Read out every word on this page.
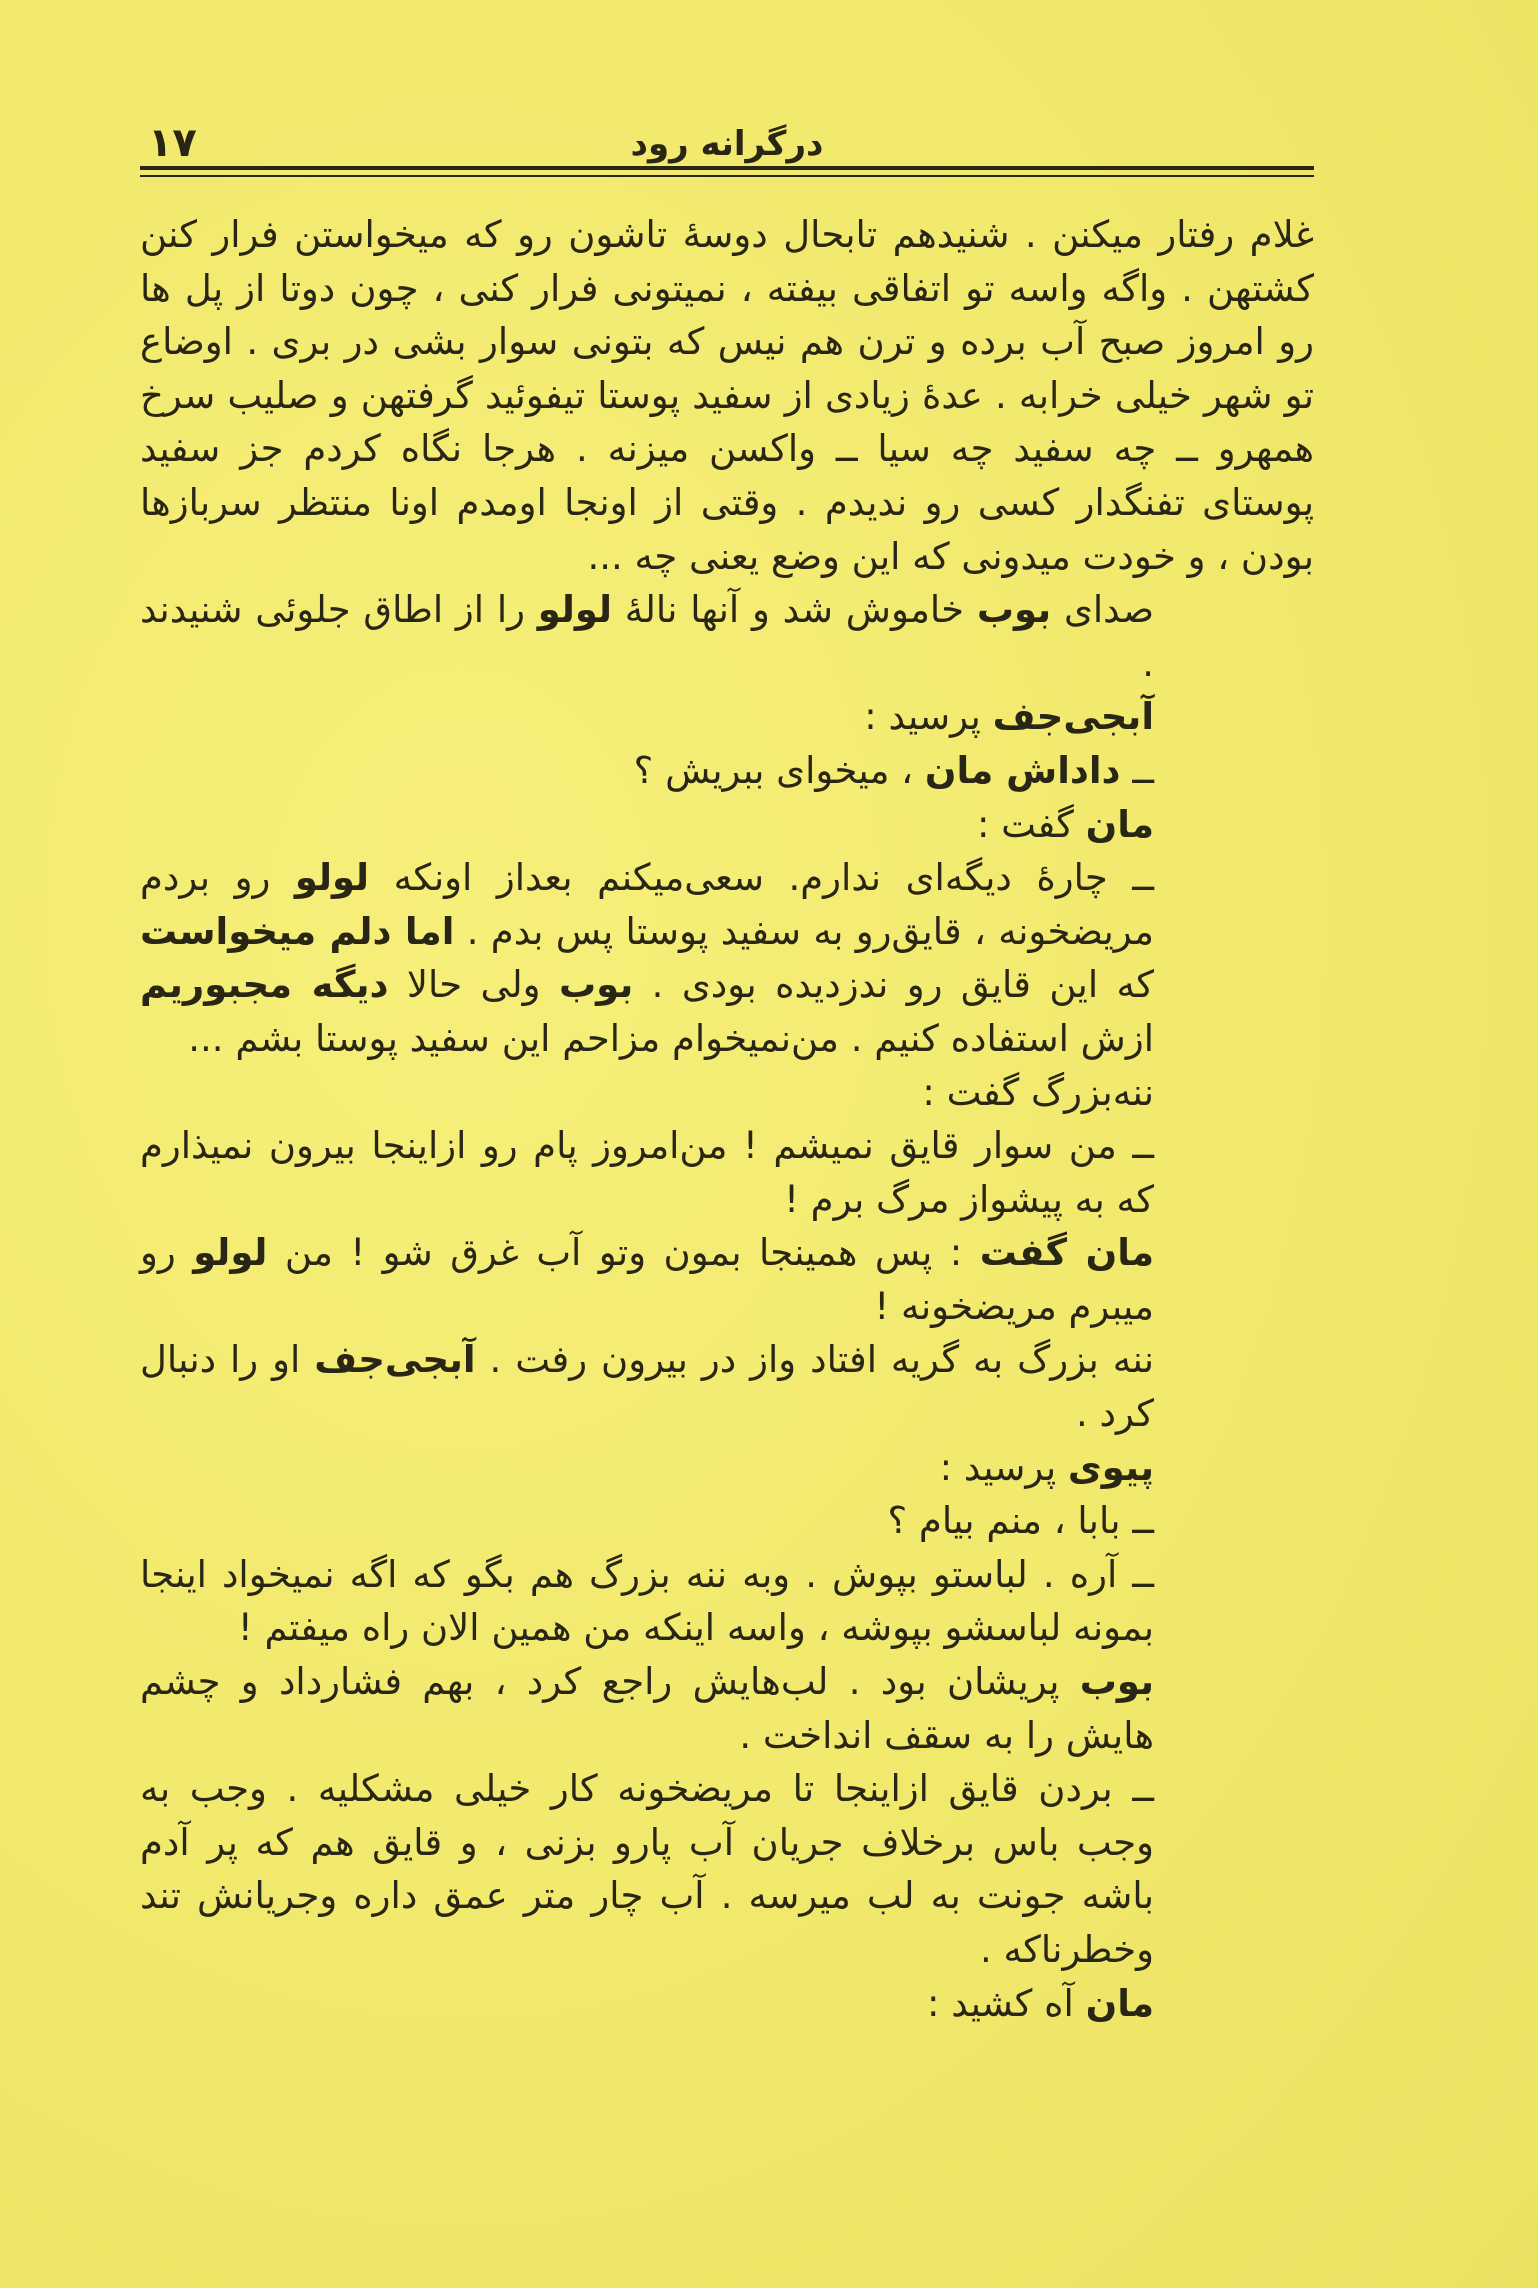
درگرانه رود
۱۷

غلام رفتار میکنن . شنیدهم تابحال دوسهٔ تاشون رو که میخواستن فرار کنن کشتهن . واگه واسه تو اتفاقی بیفته ، نمیتونی فرار کنی ، چون دوتا از پل ها رو امروز صبح آب برده و ترن هم نیس که بتونی سوار بشی در بری . اوضاع تو شهر خیلی خرابه . عدهٔ زیادی از سفید پوستا تیفوئید گرفتهن و صلیب سرخ همهرو ــ چه سفید چه سیا ــ واکسن میزنه . هرجا نگاه کردم جز سفید پوستای تفنگدار کسی رو ندیدم . وقتی از اونجا اومدم اونا منتظر سربازها بودن ، و خودت میدونی که این وضع یعنی چه ...

صدای بوب خاموش شد و آنها نالهٔ لولو را از اطاق جلوئی شنیدند .

آبجی‌جف پرسید :

ــ داداش مان ، میخوای ببریش ؟

مان گفت :

ــ چارهٔ دیگه‌ای ندارم. سعی‌میکنم بعداز اونکه لولو رو بردم مریضخونه ، قایق‌رو به‌ سفید پوستا پس بدم . اما دلم میخواست که این قایق رو ندزدیده بودی . بوب ولی حالا دیگه مجبوریم ازش استفاده کنیم . من‌نمیخوام مزاحم این سفید پوستا بشم ...

ننه‌بزرگ گفت :

ــ من سوار قایق نمیشم ! من‌امروز پام رو ازاینجا بیرون نمیذارم که به پیشواز مرگ برم !

مان گفت : پس همینجا بمون وتو آب غرق شو ! من لولو رو میبرم مریضخونه !

ننه بزرگ به گریه افتاد واز در بیرون رفت . آبجی‌جف او را دنبال کرد .

پیوی پرسید :

ــ بابا ، منم بیام ؟

ــ آره . لباستو بپوش . وبه ننه بزرگ هم بگو که اگه نمیخواد اینجا بمونه لباسشو بپوشه ، واسه اینکه من همین الان راه میفتم !

بوب پریشان بود . لب‌هایش راجع کرد ، بهم فشارداد و چشم هایش را به سقف انداخت .

ــ بردن قایق ازاینجا تا مریضخونه کار خیلی مشکلیه . وجب به وجب باس برخلاف جریان آب پارو بزنی ، و قایق هم که پر آدم باشه جونت به لب میرسه . آب چار متر عمق داره وجریانش تند وخطرناکه .

مان آه کشید :
